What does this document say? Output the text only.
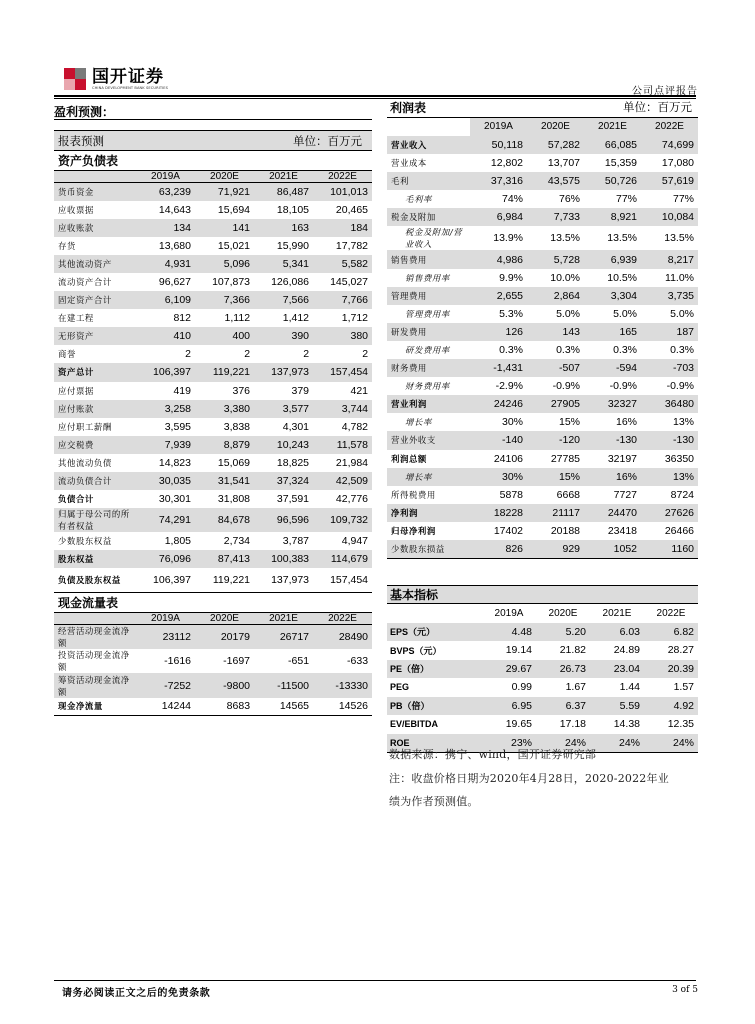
国开证券
CHINA DEVELOPMENT BANK SECURITIES	公司点评报告
盈利预测：
报表预测			单位：百万元	
资产负债表				
	2019A	2020E	2021E	2022E
货币资金	63,239	71,921	86,487	101,013
应收票据	14,643	15,694	18,105	20,465
应收账款	134	141	163	184
存货	13,680	15,021	15,990	17,782
其他流动资产	4,931	5,096	5,341	5,582
流动资产合计	96,627	107,873	126,086	145,027
固定资产合计	6,109	7,366	7,566	7,766
在建工程	812	1,112	1,412	1,712
无形资产	410	400	390	380
商誉	2	2	2	2
资产总计	106,397	119,221	137,973	157,454
应付票据	419	376	379	421
应付账款	3,258	3,380	3,577	3,744
应付职工薪酬	3,595	3,838	4,301	4,782
应交税费	7,939	8,879	10,243	11,578
其他流动负债	14,823	15,069	18,825	21,984
流动负债合计	30,035	31,541	37,324	42,509
负债合计	30,301	31,808	37,591	42,776
归属于母公司的所有者权益	74,291	84,678	96,596	109,732
少数股东权益	1,805	2,734	3,787	4,947
股东权益	76,096	87,413	100,383	114,679
负债及股东权益	106,397	119,221	137,973	157,454
现金流量表				
	2019A	2020E	2021E	2022E
经营活动现金流净额	23112	20179	26717	28490
投资活动现金流净额	-1616	-1697	-651	-633
筹资活动现金流净额	-7252	-9800	-11500	-13330
现金净流量	14244	8683	14565	14526
利润表		单位：百万元		
	2019A	2020E	2021E	2022E
营业收入	50,118	57,282	66,085	74,699
营业成本	12,802	13,707	15,359	17,080
毛利	37,316	43,575	50,726	57,619
毛利率	74%	76%	77%	77%
税金及附加	6,984	7,733	8,921	10,084
税金及附加/营业收入	13.9%	13.5%	13.5%	13.5%
销售费用	4,986	5,728	6,939	8,217
销售费用率	9.9%	10.0%	10.5%	11.0%
管理费用	2,655	2,864	3,304	3,735
管理费用率	5.3%	5.0%	5.0%	5.0%
研发费用	126	143	165	187
研发费用率	0.3%	0.3%	0.3%	0.3%
财务费用	-1,431	-507	-594	-703
财务费用率	-2.9%	-0.9%	-0.9%	-0.9%
营业利润	24246	27905	32327	36480
增长率	30%	15%	16%	13%
营业外收支	-140	-120	-130	-130
利润总额	24106	27785	32197	36350
增长率	30%	15%	16%	13%
所得税费用	5878	6668	7727	8724
净利润	18228	21117	24470	27626
归母净利润	17402	20188	23418	26466
少数股东损益	826	929	1052	1160
基本指标				
	2019A	2020E	2021E	2022E
EPS（元）	4.48	5.20	6.03	6.82
BVPS（元）	19.14	21.82	24.89	28.27
PE（倍）	29.67	26.73	23.04	20.39
PEG	0.99	1.67	1.44	1.57
PB（倍）	6.95	6.37	5.59	4.92
EV/EBITDA	19.65	17.18	14.38	12.35
ROE	23%	24%	24%	24%
数据来源：携宁、wind，国开证券研究部
注：收盘价格日期为2020年4月28日，2020-2022年业
绩为作者预测值。
请务必阅读正文之后的免责条款	3 of 5
